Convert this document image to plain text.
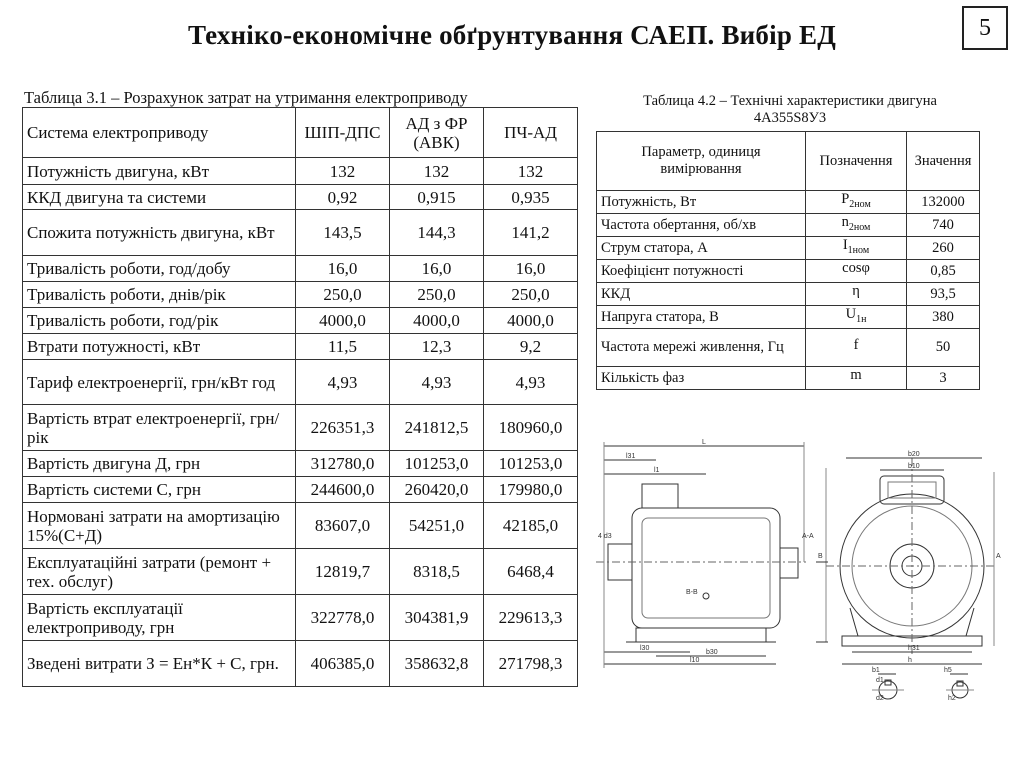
Техніко-економічне обґрунтування САЕП. Вибір ЕД	5
Таблица 3.1 – Розрахунок затрат на утримання електроприводу
Система електроприводу	ШІП-ДПС	АД з ФР (АВК)	ПЧ-АД
Потужність двигуна, кВт	132	132	132
ККД двигуна та системи	0,92	0,915	0,935
Спожита потужність двигуна, кВт	143,5	144,3	141,2
Тривалість роботи, год/добу	16,0	16,0	16,0
Тривалість роботи, днів/рік	250,0	250,0	250,0
Тривалість роботи, год/рік	4000,0	4000,0	4000,0
Втрати потужності, кВт	11,5	12,3	9,2
Тариф електроенергії, грн/кВт год	4,93	4,93	4,93
Вартість втрат електроенергії, грн/рік	226351,3	241812,5	180960,0
Вартість двигуна Д, грн	312780,0	101253,0	101253,0
Вартість системи С, грн	244600,0	260420,0	179980,0
Нормовані затрати на амортизацію 15%(С+Д)	83607,0	54251,0	42185,0
Експлуатаційні затрати (ремонт + тех. обслуг)	12819,7	8318,5	6468,4
Вартість експлуатації електроприводу, грн	322778,0	304381,9	229613,3
Зведені витрати З = Ен*К + С, грн.	406385,0	358632,8	271798,3
Таблица 4.2 – Технічні характеристики двигуна
4А355S8У3
Параметр, одиниця вимірювання	Позначення	Значення
Потужність, Вт	$P_{2ном}$	132000
Частота обертання, об/хв	$n_{2ном}$	740
Струм статора, А	$I_{1ном}$	260
Коефіцієнт потужності	cosφ	0,85
ККД	η	93,5
Напруга статора, В	$U_{1н}$	380
Частота мережі живлення, Гц	f	50
Кількість фаз	m	3
L
l31
l1
l30
l10
b30
b20
b10
h31
h
A
B
4 d3	A-A
B-B
b1	h5
d1
d2	h2
